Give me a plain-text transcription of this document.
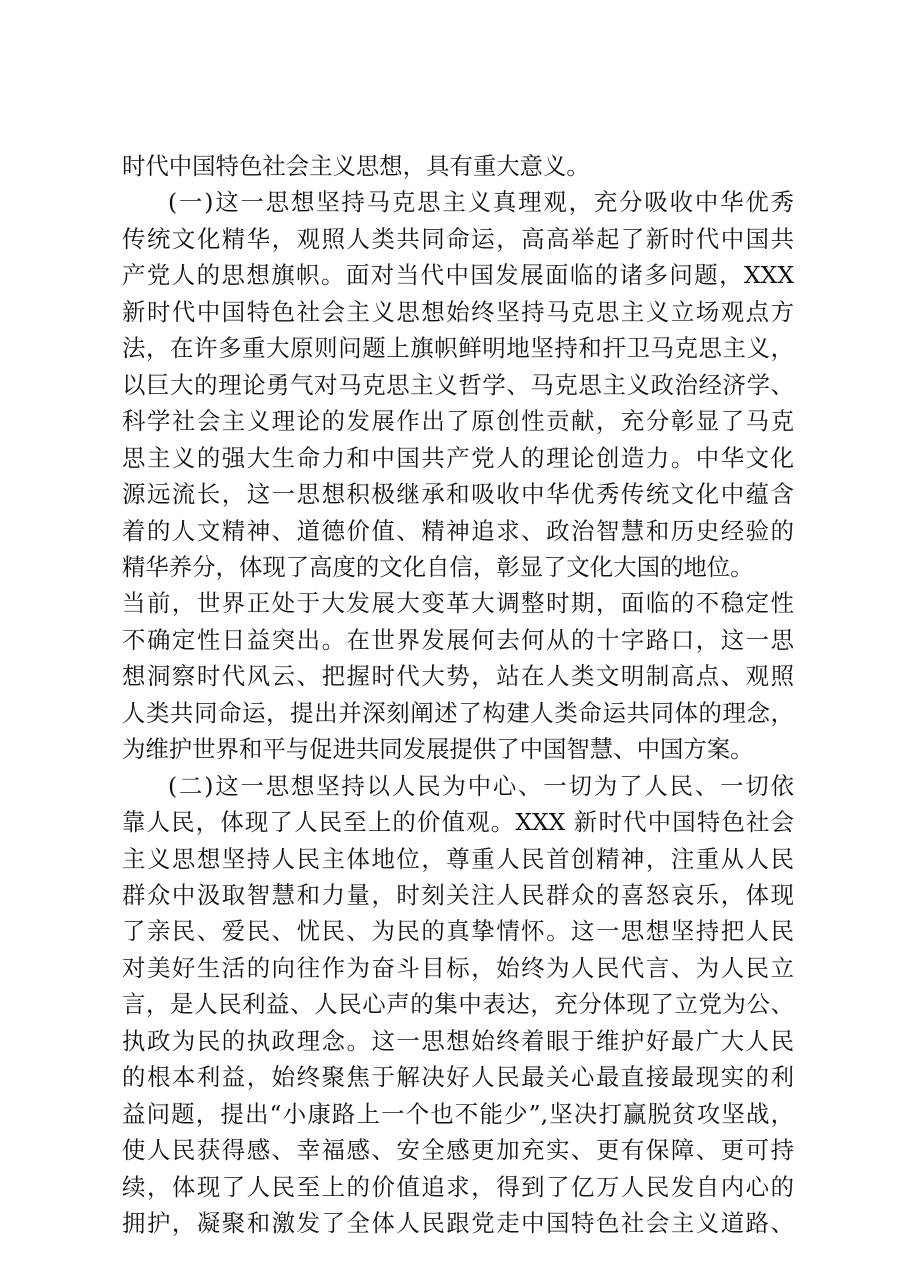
时代中国特色社会主义思想，具有重大意义。
(一)这一思想坚持马克思主义真理观，充分吸收中华优秀
传统文化精华，观照人类共同命运，高高举起了新时代中国共
产党人的思想旗帜。面对当代中国发展面临的诸多问题，XXX
新时代中国特色社会主义思想始终坚持马克思主义立场观点方
法，在许多重大原则问题上旗帜鲜明地坚持和扞卫马克思主义，
以巨大的理论勇气对马克思主义哲学、马克思主义政治经济学、
科学社会主义理论的发展作出了原创性贡献，充分彰显了马克
思主义的强大生命力和中国共产党人的理论创造力。中华文化
源远流长，这一思想积极继承和吸收中华优秀传统文化中蕴含
着的人文精神、道德价值、精神追求、政治智慧和历史经验的
精华养分，体现了高度的文化自信，彰显了文化大国的地位。
当前，世界正处于大发展大变革大调整时期，面临的不稳定性
不确定性日益突出。在世界发展何去何从的十字路口，这一思
想洞察时代风云、把握时代大势，站在人类文明制高点、观照
人类共同命运，提出并深刻阐述了构建人类命运共同体的理念，
为维护世界和平与促进共同发展提供了中国智慧、中国方案。
(二)这一思想坚持以人民为中心、一切为了人民、一切依
靠人民，体现了人民至上的价值观。XXX 新时代中国特色社会
主义思想坚持人民主体地位，尊重人民首创精神，注重从人民
群众中汲取智慧和力量，时刻关注人民群众的喜怒哀乐，体现
了亲民、爱民、忧民、为民的真挚情怀。这一思想坚持把人民
对美好生活的向往作为奋斗目标，始终为人民代言、为人民立
言，是人民利益、人民心声的集中表达，充分体现了立党为公、
执政为民的执政理念。这一思想始终着眼于维护好最广大人民
的根本利益，始终聚焦于解决好人民最关心最直接最现实的利
益问题，提出“小康路上一个也不能少”,坚决打赢脱贫攻坚战，
使人民获得感、幸福感、安全感更加充实、更有保障、更可持
续，体现了人民至上的价值追求，得到了亿万人民发自内心的
拥护，凝聚和激发了全体人民跟党走中国特色社会主义道路、
